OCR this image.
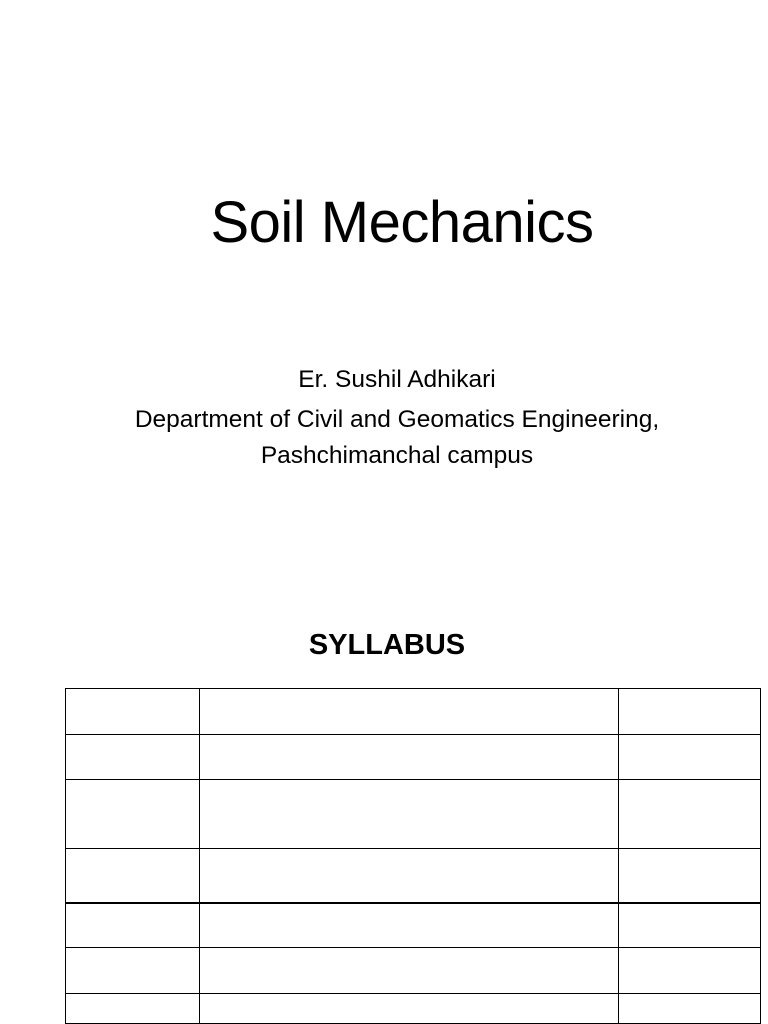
Soil Mechanics
Er. Sushil Adhikari
Department of Civil and Geomatics Engineering,
Pashchimanchal campus
SYLLABUS
